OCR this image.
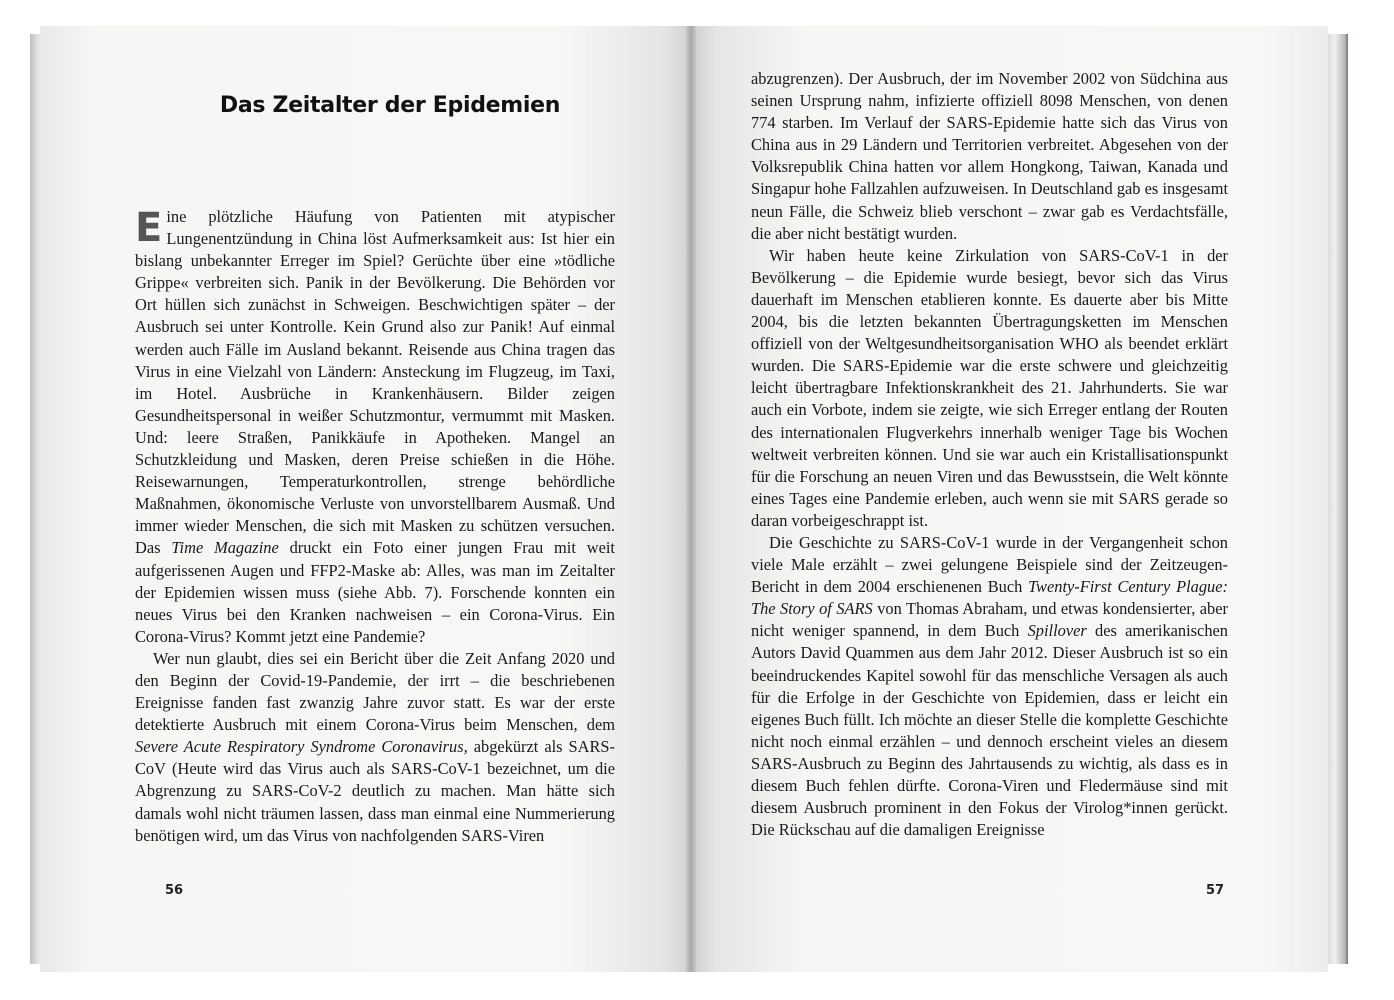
Das Zeitalter der Epidemien

Eine plötzliche Häufung von Patienten mit atypischer Lungenentzündung in China löst Aufmerksamkeit aus: Ist hier ein bislang unbekannter Erreger im Spiel? Gerüchte über eine »tödliche Grippe« verbreiten sich. Panik in der Bevölkerung. Die Behörden vor Ort hüllen sich zunächst in Schweigen. Beschwichtigen später – der Ausbruch sei unter Kontrolle. Kein Grund also zur Panik! Auf einmal werden auch Fälle im Ausland bekannt. Reisende aus China tragen das Virus in eine Vielzahl von Ländern: Ansteckung im Flugzeug, im Taxi, im Hotel. Ausbrüche in Krankenhäusern. Bilder zeigen Gesundheitspersonal in weißer Schutzmontur, vermummt mit Masken. Und: leere Straßen, Panikkäufe in Apotheken. Mangel an Schutzkleidung und Masken, deren Preise schießen in die Höhe. Reisewarnungen, Temperaturkontrollen, strenge behördliche Maßnahmen, ökonomische Verluste von unvorstellbarem Ausmaß. Und immer wieder Menschen, die sich mit Masken zu schützen versuchen. Das Time Magazine druckt ein Foto einer jungen Frau mit weit aufgerissenen Augen und FFP2-Maske ab: Alles, was man im Zeitalter der Epidemien wissen muss (siehe Abb. 7). Forschende konnten ein neues Virus bei den Kranken nachweisen – ein Corona-Virus. Ein Corona-Virus? Kommt jetzt eine Pandemie?

Wer nun glaubt, dies sei ein Bericht über die Zeit Anfang 2020 und den Beginn der Covid-19-Pandemie, der irrt – die beschriebenen Ereignisse fanden fast zwanzig Jahre zuvor statt. Es war der erste detektierte Ausbruch mit einem Corona-Virus beim Menschen, dem Severe Acute Respiratory Syndrome Coronavirus, abgekürzt als SARS-CoV (Heute wird das Virus auch als SARS-CoV-1 bezeichnet, um die Abgrenzung zu SARS-CoV-2 deutlich zu machen. Man hätte sich damals wohl nicht träumen lassen, dass man einmal eine Nummerierung benötigen wird, um das Virus von nachfolgenden SARS-Viren

abzugrenzen). Der Ausbruch, der im November 2002 von Südchina aus seinen Ursprung nahm, infizierte offiziell 8098 Menschen, von denen 774 starben. Im Verlauf der SARS-Epidemie hatte sich das Virus von China aus in 29 Ländern und Territorien verbreitet. Abgesehen von der Volksrepublik China hatten vor allem Hongkong, Taiwan, Kanada und Singapur hohe Fallzahlen aufzuweisen. In Deutschland gab es insgesamt neun Fälle, die Schweiz blieb verschont – zwar gab es Verdachtsfälle, die aber nicht bestätigt wurden.

Wir haben heute keine Zirkulation von SARS-CoV-1 in der Bevölkerung – die Epidemie wurde besiegt, bevor sich das Virus dauerhaft im Menschen etablieren konnte. Es dauerte aber bis Mitte 2004, bis die letzten bekannten Übertragungsketten im Menschen offiziell von der Weltgesundheitsorganisation WHO als beendet erklärt wurden. Die SARS-Epidemie war die erste schwere und gleichzeitig leicht übertragbare Infektionskrankheit des 21. Jahrhunderts. Sie war auch ein Vorbote, indem sie zeigte, wie sich Erreger entlang der Routen des internationalen Flugverkehrs innerhalb weniger Tage bis Wochen weltweit verbreiten können. Und sie war auch ein Kristallisationspunkt für die Forschung an neuen Viren und das Bewusstsein, die Welt könnte eines Tages eine Pandemie erleben, auch wenn sie mit SARS gerade so daran vorbeigeschrappt ist.

Die Geschichte zu SARS-CoV-1 wurde in der Vergangenheit schon viele Male erzählt – zwei gelungene Beispiele sind der Zeitzeugen-Bericht in dem 2004 erschienenen Buch Twenty-First Century Plague: The Story of SARS von Thomas Abraham, und etwas kondensierter, aber nicht weniger spannend, in dem Buch Spillover des amerikanischen Autors David Quammen aus dem Jahr 2012. Dieser Ausbruch ist so ein beeindruckendes Kapitel sowohl für das menschliche Versagen als auch für die Erfolge in der Geschichte von Epidemien, dass er leicht ein eigenes Buch füllt. Ich möchte an dieser Stelle die komplette Geschichte nicht noch einmal erzählen – und dennoch erscheint vieles an diesem SARS-Ausbruch zu Beginn des Jahrtausends zu wichtig, als dass es in diesem Buch fehlen dürfte. Corona-Viren und Fledermäuse sind mit diesem Ausbruch prominent in den Fokus der Virolog*innen gerückt. Die Rückschau auf die damaligen Ereignisse

56	57
